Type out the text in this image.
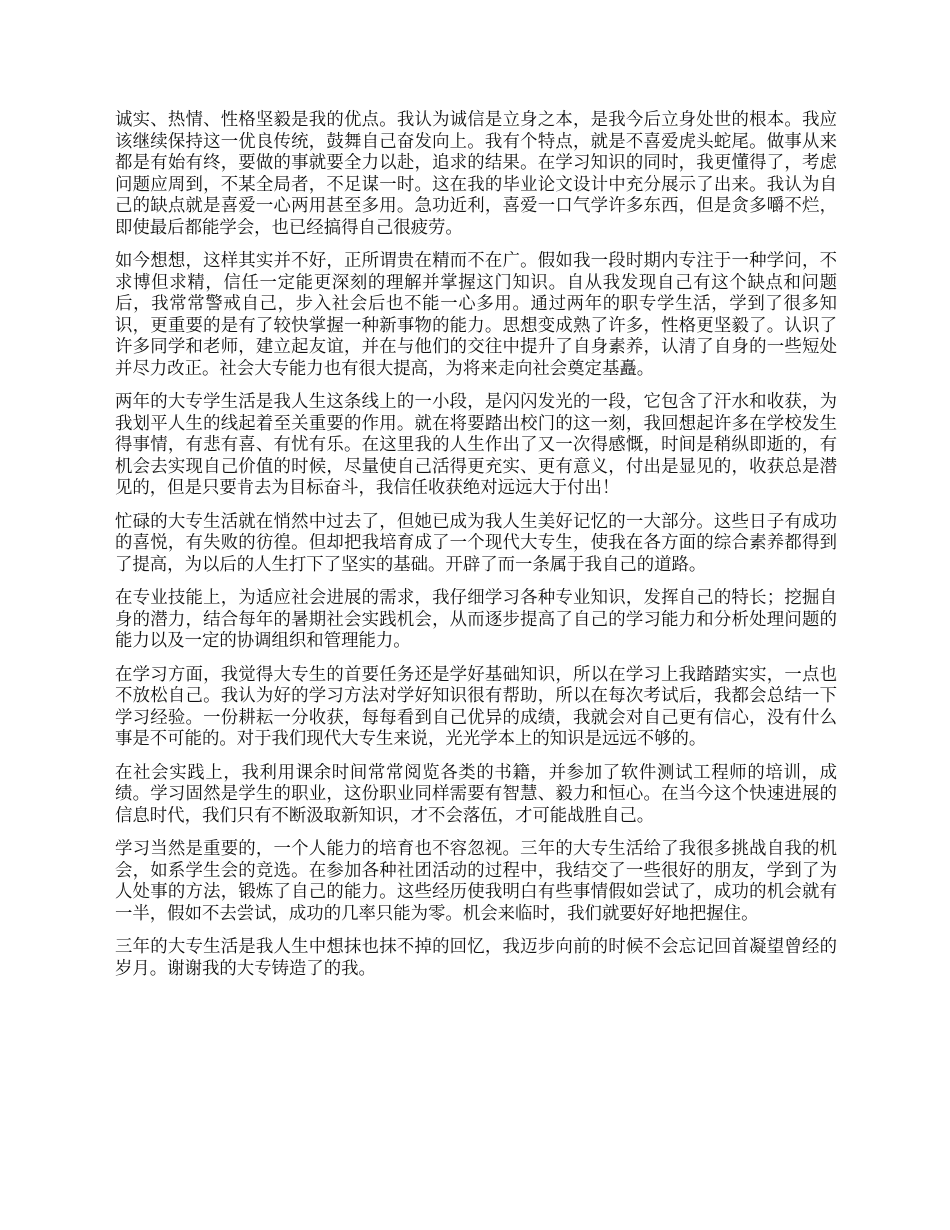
诚实、热情、性格坚毅是我的优点。我认为诚信是立身之本，是我今后立身处世的根本。我应该继续保持这一优良传统，鼓舞自己奋发向上。我有个特点，就是不喜爱虎头蛇尾。做事从来都是有始有终，要做的事就要全力以赴，追求的结果。在学习知识的同时，我更懂得了，考虑问题应周到，不某全局者，不足谋一时。这在我的毕业论文设计中充分展示了出来。我认为自己的缺点就是喜爱一心两用甚至多用。急功近利，喜爱一口气学许多东西，但是贪多嚼不烂，即使最后都能学会，也已经搞得自己很疲劳。

如今想想，这样其实并不好，正所谓贵在精而不在广。假如我一段时期内专注于一种学问，不求博但求精，信任一定能更深刻的理解并掌握这门知识。自从我发现自己有这个缺点和问题后，我常常警戒自己，步入社会后也不能一心多用。通过两年的职专学生活，学到了很多知识，更重要的是有了较快掌握一种新事物的能力。思想变成熟了许多，性格更坚毅了。认识了许多同学和老师，建立起友谊，并在与他们的交往中提升了自身素养，认清了自身的一些短处并尽力改正。社会大专能力也有很大提高，为将来走向社会奠定基矗。

两年的大专学生活是我人生这条线上的一小段，是闪闪发光的一段，它包含了汗水和收获，为我划平人生的线起着至关重要的作用。就在将要踏出校门的这一刻，我回想起许多在学校发生得事情，有悲有喜、有忧有乐。在这里我的人生作出了又一次得感慨，时间是稍纵即逝的，有机会去实现自己价值的时候，尽量使自己活得更充实、更有意义，付出是显见的，收获总是潜见的，但是只要肯去为目标奋斗，我信任收获绝对远远大于付出！

忙碌的大专生活就在悄然中过去了，但她已成为我人生美好记忆的一大部分。这些日子有成功的喜悦，有失败的彷徨。但却把我培育成了一个现代大专生，使我在各方面的综合素养都得到了提高，为以后的人生打下了坚实的基础。开辟了而一条属于我自己的道路。

在专业技能上，为适应社会进展的需求，我仔细学习各种专业知识，发挥自己的特长；挖掘自身的潜力，结合每年的暑期社会实践机会，从而逐步提高了自己的学习能力和分析处理问题的能力以及一定的协调组织和管理能力。

在学习方面，我觉得大专生的首要任务还是学好基础知识，所以在学习上我踏踏实实，一点也不放松自己。我认为好的学习方法对学好知识很有帮助，所以在每次考试后，我都会总结一下学习经验。一份耕耘一分收获，每每看到自己优异的成绩，我就会对自己更有信心，没有什么事是不可能的。对于我们现代大专生来说，光光学本上的知识是远远不够的。

在社会实践上，我利用课余时间常常阅览各类的书籍，并参加了软件测试工程师的培训，成绩。学习固然是学生的职业，这份职业同样需要有智慧、毅力和恒心。在当今这个快速进展的信息时代，我们只有不断汲取新知识，才不会落伍，才可能战胜自己。

学习当然是重要的，一个人能力的培育也不容忽视。三年的大专生活给了我很多挑战自我的机会，如系学生会的竞选。在参加各种社团活动的过程中，我结交了一些很好的朋友，学到了为人处事的方法，锻炼了自己的能力。这些经历使我明白有些事情假如尝试了，成功的机会就有一半，假如不去尝试，成功的几率只能为零。机会来临时，我们就要好好地把握住。

三年的大专生活是我人生中想抹也抹不掉的回忆，我迈步向前的时候不会忘记回首凝望曾经的岁月。谢谢我的大专铸造了的我。
